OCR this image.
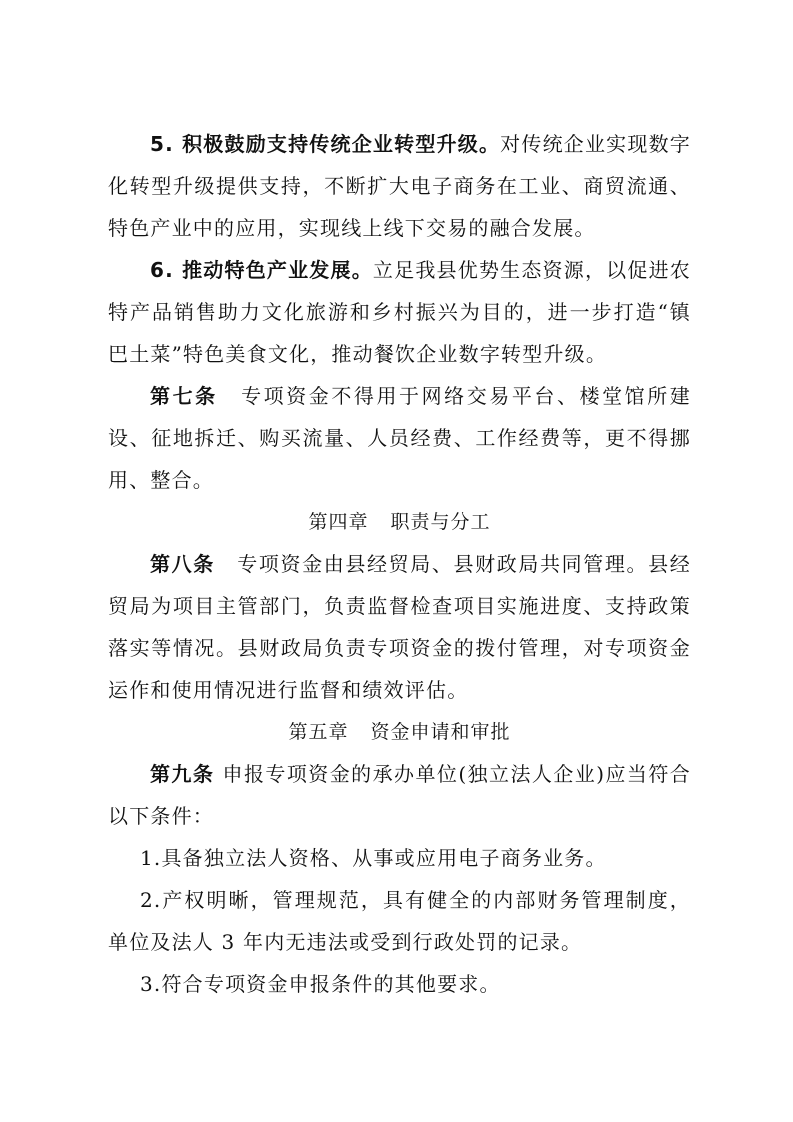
5. 积极鼓励支持传统企业转型升级。对传统企业实现数字化转型升级提供支持，不断扩大电子商务在工业、商贸流通、特色产业中的应用，实现线上线下交易的融合发展。

6. 推动特色产业发展。立足我县优势生态资源，以促进农特产品销售助力文化旅游和乡村振兴为目的，进一步打造“镇巴土菜”特色美食文化，推动餐饮企业数字转型升级。

第七条 专项资金不得用于网络交易平台、楼堂馆所建设、征地拆迁、购买流量、人员经费、工作经费等，更不得挪用、整合。

第四章 职责与分工

第八条 专项资金由县经贸局、县财政局共同管理。县经贸局为项目主管部门，负责监督检查项目实施进度、支持政策落实等情况。县财政局负责专项资金的拨付管理，对专项资金运作和使用情况进行监督和绩效评估。

第五章 资金申请和审批

第九条 申报专项资金的承办单位(独立法人企业)应当符合以下条件：

1.具备独立法人资格、从事或应用电子商务业务。

2.产权明晰，管理规范，具有健全的内部财务管理制度，单位及法人 3 年内无违法或受到行政处罚的记录。

3.符合专项资金申报条件的其他要求。
